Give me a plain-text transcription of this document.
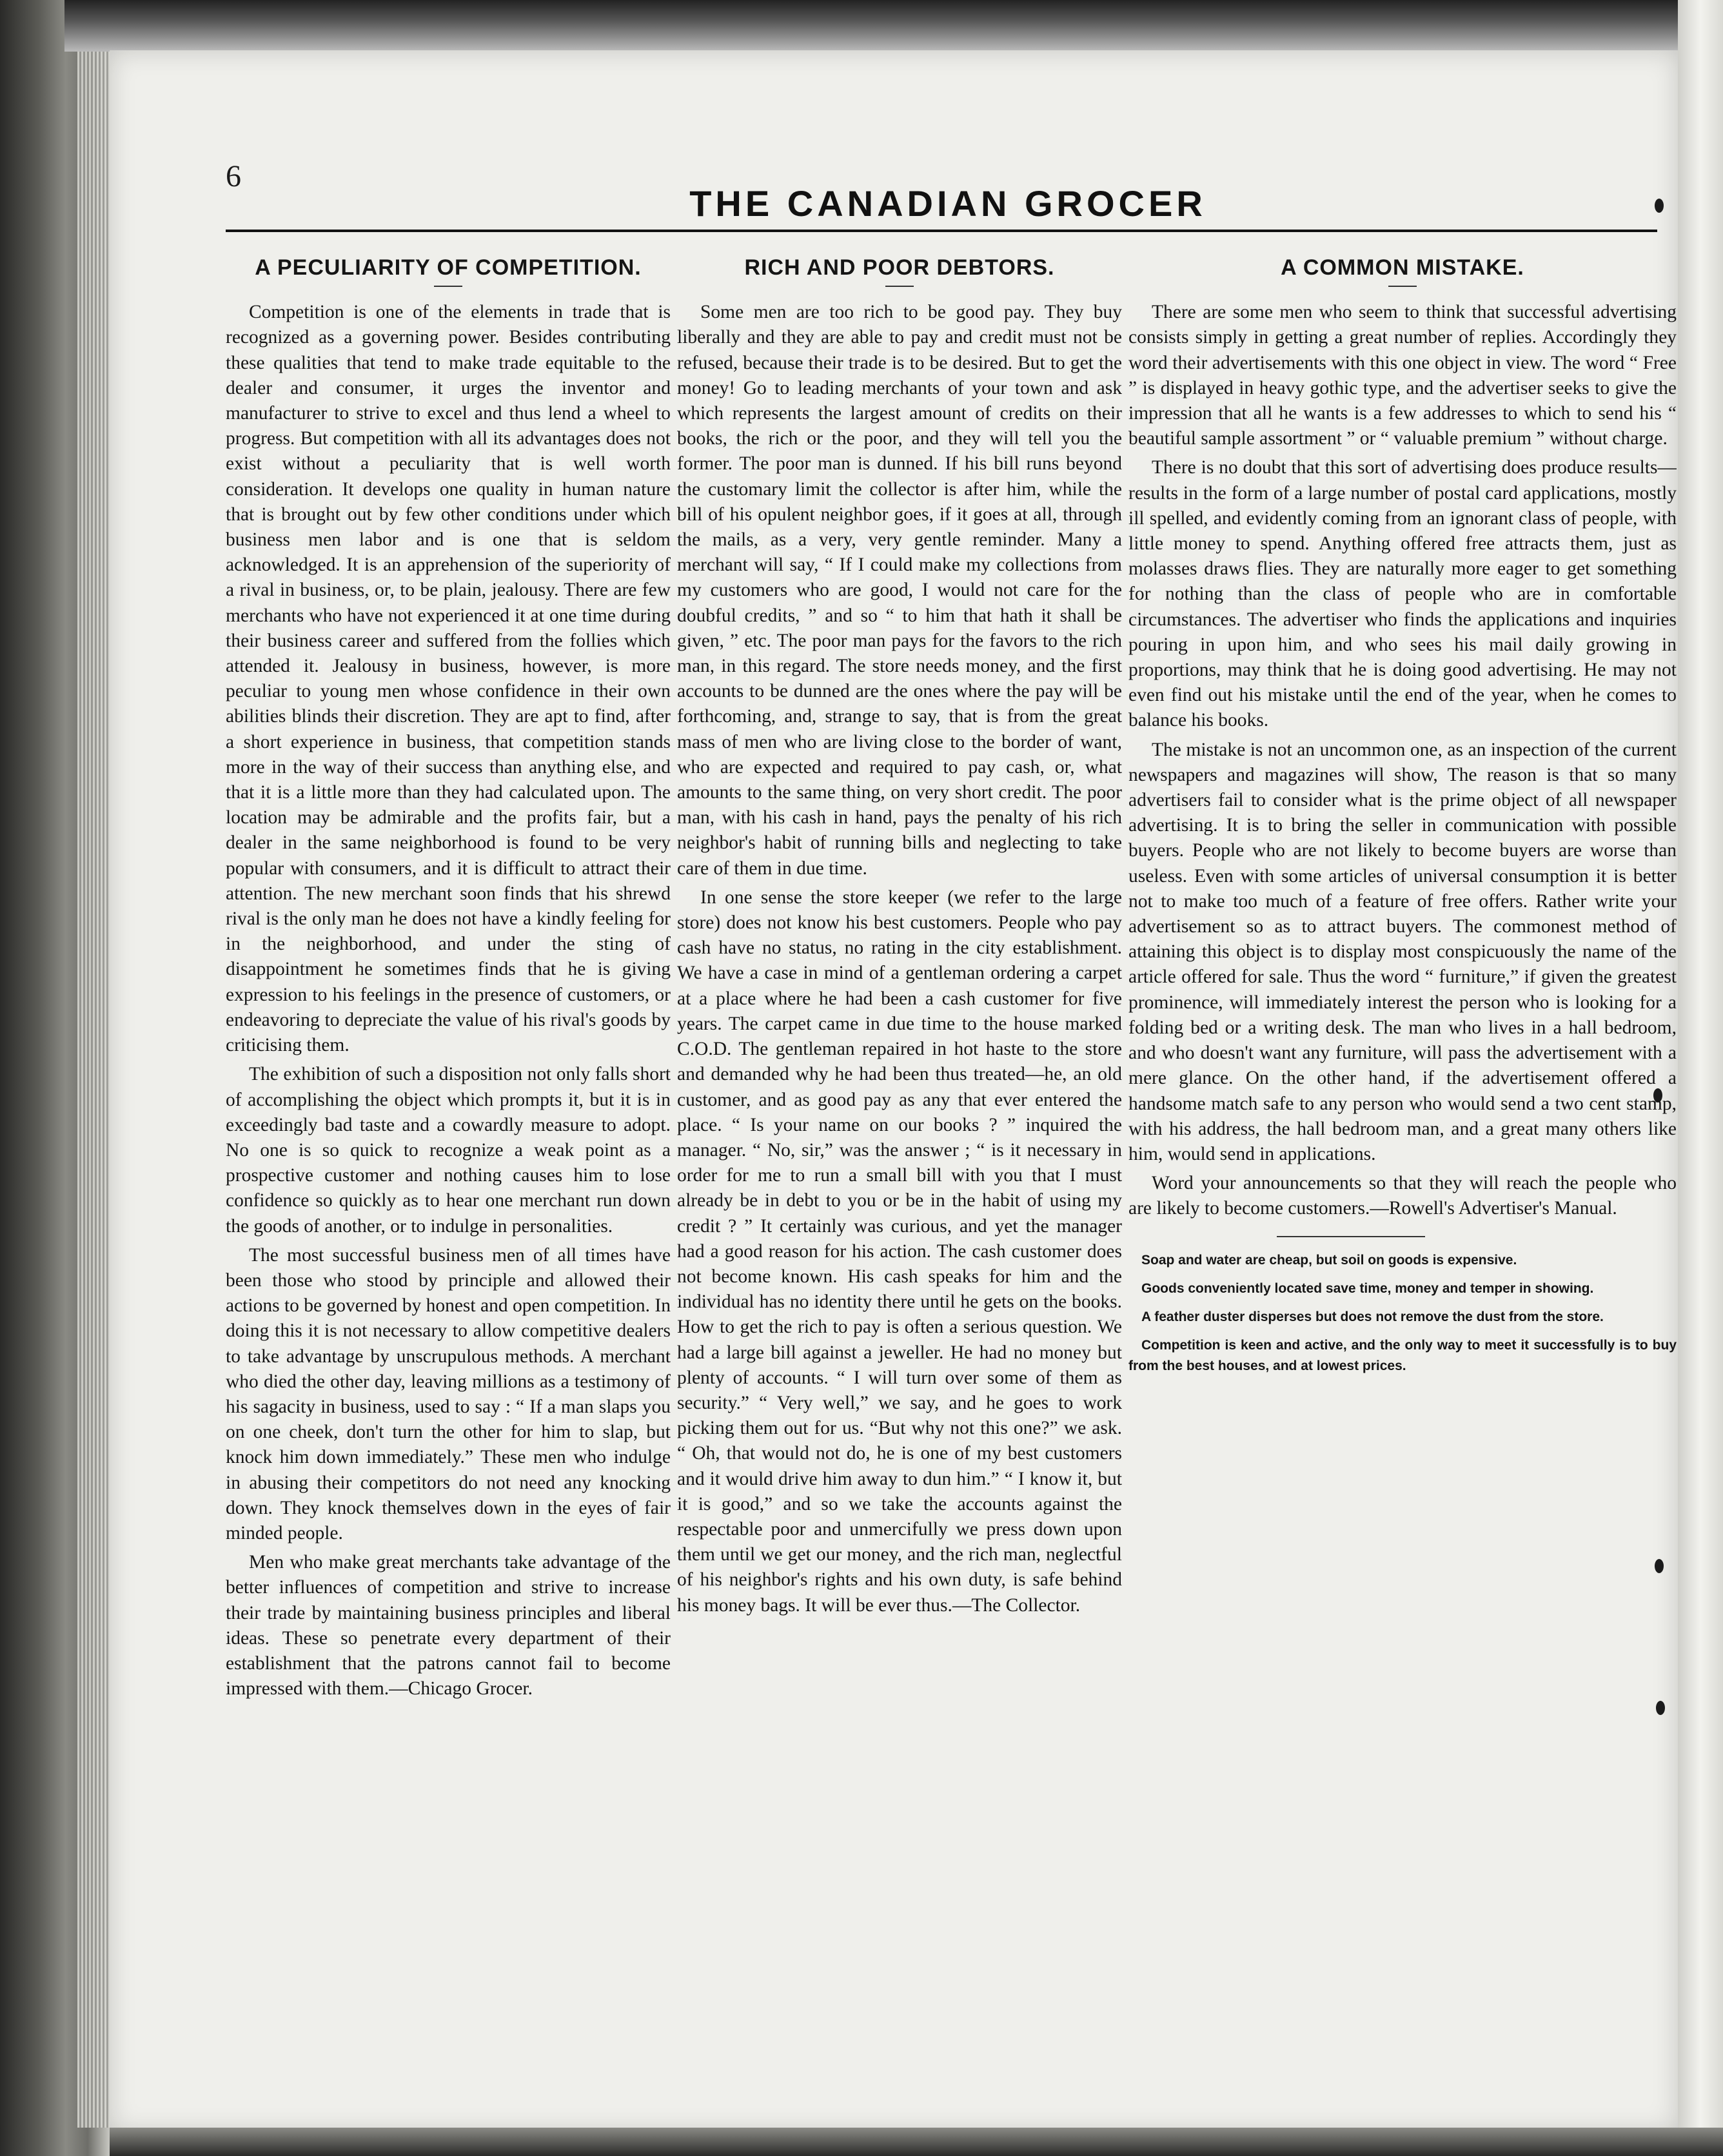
6
THE CANADIAN GROCER
A PECULIARITY OF COMPETITION.

Competition is one of the elements in trade that is recognized as a governing power. Besides contributing these qualities that tend to make trade equitable to the dealer and consumer, it urges the inventor and manufacturer to strive to excel and thus lend a wheel to progress. But competition with all its advantages does not exist without a peculiarity that is well worth consideration. It develops one quality in human nature that is brought out by few other conditions under which business men labor and is one that is seldom acknowledged. It is an apprehension of the superiority of a rival in business, or, to be plain, jealousy. There are few merchants who have not experienced it at one time during their business career and suffered from the follies which attended it. Jealousy in business, however, is more peculiar to young men whose confidence in their own abilities blinds their discretion. They are apt to find, after a short experience in business, that competition stands more in the way of their success than anything else, and that it is a little more than they had calculated upon. The location may be admirable and the profits fair, but a dealer in the same neighborhood is found to be very popular with consumers, and it is difficult to attract their attention. The new merchant soon finds that his shrewd rival is the only man he does not have a kindly feeling for in the neighborhood, and under the sting of disappointment he sometimes finds that he is giving expression to his feelings in the presence of customers, or endeavoring to depreciate the value of his rival's goods by criticising them.

The exhibition of such a disposition not only falls short of accomplishing the object which prompts it, but it is in exceedingly bad taste and a cowardly measure to adopt. No one is so quick to recognize a weak point as a prospective customer and nothing causes him to lose confidence so quickly as to hear one merchant run down the goods of another, or to indulge in personalities.

The most successful business men of all times have been those who stood by principle and allowed their actions to be governed by honest and open competition. In doing this it is not necessary to allow competitive dealers to take advantage by unscrupulous methods. A merchant who died the other day, leaving millions as a testimony of his sagacity in business, used to say : “ If a man slaps you on one cheek, don't turn the other for him to slap, but knock him down immediately.” These men who indulge in abusing their competitors do not need any knocking down. They knock themselves down in the eyes of fair minded people.

Men who make great merchants take advantage of the better influences of competition and strive to increase their trade by maintaining business principles and liberal ideas. These so penetrate every department of their establishment that the patrons cannot fail to become impressed with them.—Chicago Grocer.

RICH AND POOR DEBTORS.

Some men are too rich to be good pay. They buy liberally and they are able to pay and credit must not be refused, because their trade is to be desired. But to get the money! Go to leading merchants of your town and ask which represents the largest amount of credits on their books, the rich or the poor, and they will tell you the former. The poor man is dunned. If his bill runs beyond the customary limit the collector is after him, while the bill of his opulent neighbor goes, if it goes at all, through the mails, as a very, very gentle reminder. Many a merchant will say, “ If I could make my collections from my customers who are good, I would not care for the doubful credits, ” and so “ to him that hath it shall be given, ” etc. The poor man pays for the favors to the rich man, in this regard. The store needs money, and the first accounts to be dunned are the ones where the pay will be forthcoming, and, strange to say, that is from the great mass of men who are living close to the border of want, who are expected and required to pay cash, or, what amounts to the same thing, on very short credit. The poor man, with his cash in hand, pays the penalty of his rich neighbor's habit of running bills and neglecting to take care of them in due time.

In one sense the store keeper (we refer to the large store) does not know his best customers. People who pay cash have no status, no rating in the city establishment. We have a case in mind of a gentleman ordering a carpet at a place where he had been a cash customer for five years. The carpet came in due time to the house marked C.O.D. The gentleman repaired in hot haste to the store and demanded why he had been thus treated—he, an old customer, and as good pay as any that ever entered the place. “ Is your name on our books ? ” inquired the manager. “ No, sir,” was the answer ; “ is it necessary in order for me to run a small bill with you that I must already be in debt to you or be in the habit of using my credit ? ” It certainly was curious, and yet the manager had a good reason for his action. The cash customer does not become known. His cash speaks for him and the individual has no identity there until he gets on the books. How to get the rich to pay is often a serious question. We had a large bill against a jeweller. He had no money but plenty of accounts. “ I will turn over some of them as security.” “ Very well,” we say, and he goes to work picking them out for us. “But why not this one?” we ask. “ Oh, that would not do, he is one of my best customers and it would drive him away to dun him.” “ I know it, but it is good,” and so we take the accounts against the respectable poor and unmercifully we press down upon them until we get our money, and the rich man, neglectful of his neighbor's rights and his own duty, is safe behind his money bags. It will be ever thus.—The Collector.

A COMMON MISTAKE.

There are some men who seem to think that successful advertising consists simply in getting a great number of replies. Accordingly they word their advertisements with this one object in view. The word “ Free ” is displayed in heavy gothic type, and the advertiser seeks to give the impression that all he wants is a few addresses to which to send his “ beautiful sample assortment ” or “ valuable premium ” without charge.

There is no doubt that this sort of advertising does produce results—results in the form of a large number of postal card applications, mostly ill spelled, and evidently coming from an ignorant class of people, with little money to spend. Anything offered free attracts them, just as molasses draws flies. They are naturally more eager to get something for nothing than the class of people who are in comfortable circumstances. The advertiser who finds the applications and inquiries pouring in upon him, and who sees his mail daily growing in proportions, may think that he is doing good advertising. He may not even find out his mistake until the end of the year, when he comes to balance his books.

The mistake is not an uncommon one, as an inspection of the current newspapers and magazines will show, The reason is that so many advertisers fail to consider what is the prime object of all newspaper advertising. It is to bring the seller in communication with possible buyers. People who are not likely to become buyers are worse than useless. Even with some articles of universal consumption it is better not to make too much of a feature of free offers. Rather write your advertisement so as to attract buyers. The commonest method of attaining this object is to display most conspicuously the name of the article offered for sale. Thus the word “ furniture,” if given the greatest prominence, will immediately interest the person who is looking for a folding bed or a writing desk. The man who lives in a hall bedroom, and who doesn't want any furniture, will pass the advertisement with a mere glance. On the other hand, if the advertisement offered a handsome match safe to any person who would send a two cent stamp, with his address, the hall bedroom man, and a great many others like him, would send in applications.

Word your announcements so that they will reach the people who are likely to become customers.—Rowell's Advertiser's Manual.

Soap and water are cheap, but soil on goods is expensive.

Goods conveniently located save time, money and temper in showing.

A feather duster disperses but does not remove the dust from the store.

Competition is keen and active, and the only way to meet it successfully is to buy from the best houses, and at lowest prices.
